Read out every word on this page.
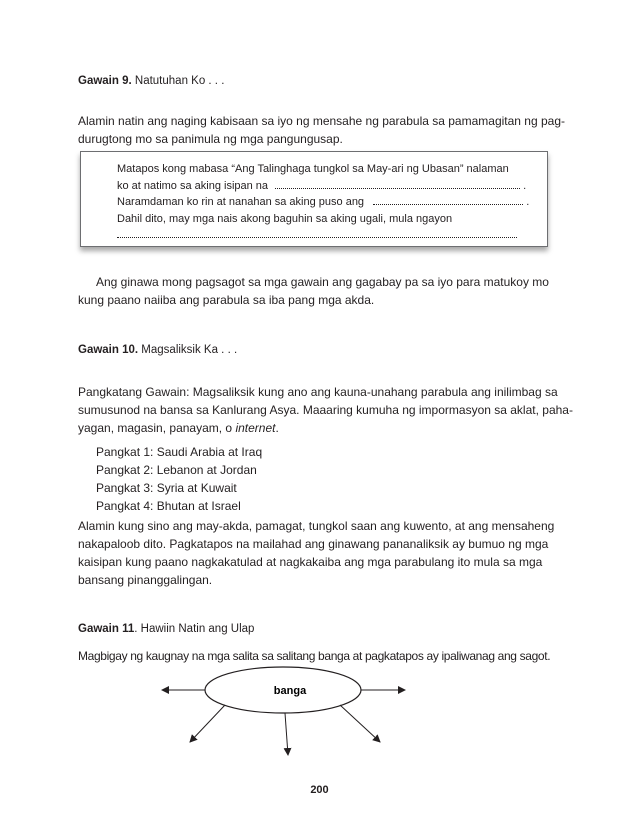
Gawain 9. Natutuhan Ko . . .
Alamin natin ang naging kabisaan sa iyo ng mensahe ng parabula sa pamamagitan ng pag-
durugtong mo sa panimula ng mga pangungusap.
Matapos kong mabasa “Ang Talinghaga tungkol sa May-ari ng Ubasan” nalaman
ko at natimo sa aking isipan na	.
Naramdaman ko rin at nanahan sa aking puso ang	.
Dahil dito, may mga nais akong baguhin sa aking ugali, mula ngayon
Ang ginawa mong pagsagot sa mga gawain ang gagabay pa sa iyo para matukoy mo
kung paano naiiba ang parabula sa iba pang mga akda.
Gawain 10. Magsaliksik Ka . . .
Pangkatang Gawain: Magsaliksik kung ano ang kauna-unahang parabula ang inilimbag sa
sumusunod na bansa sa Kanlurang Asya. Maaaring kumuha ng impormasyon sa aklat, paha-
yagan, magasin, panayam, o internet.
Pangkat 1: Saudi Arabia at Iraq
Pangkat 2: Lebanon at Jordan
Pangkat 3: Syria at Kuwait
Pangkat 4: Bhutan at Israel
Alamin kung sino ang may-akda, pamagat, tungkol saan ang kuwento, at ang mensaheng
nakapaloob dito. Pagkatapos na mailahad ang ginawang pananaliksik ay bumuo ng mga
kaisipan kung paano nagkakatulad at nagkakaiba ang mga parabulang ito mula sa mga
bansang pinanggalingan.
Gawain 11. Hawiin Natin ang Ulap
Magbigay ng kaugnay na mga salita sa salitang banga at pagkatapos ay ipaliwanag ang sagot.
banga
200
